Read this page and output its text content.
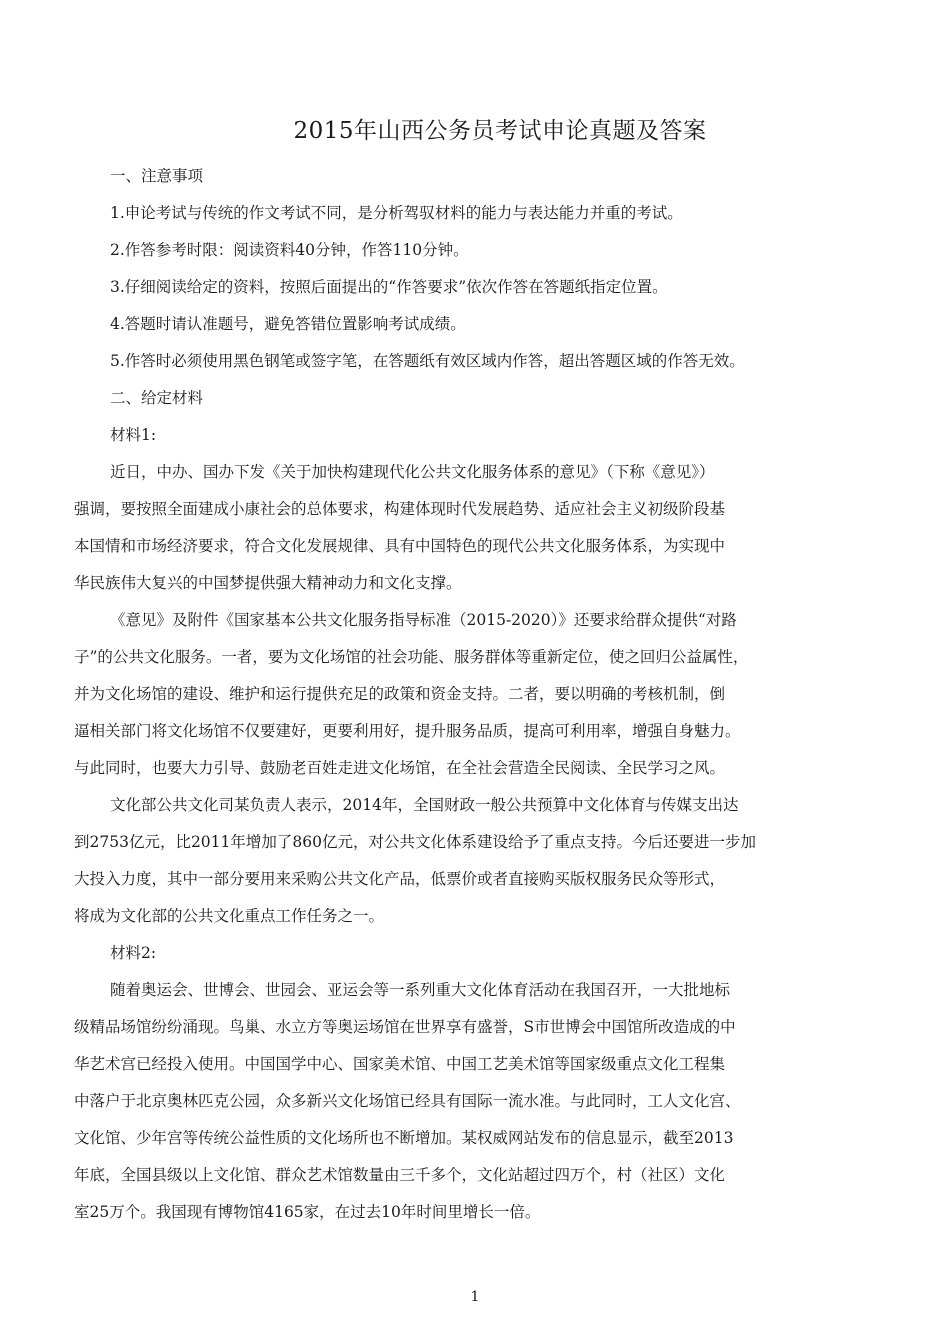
2015年山西公务员考试申论真题及答案
一、注意事项
1.申论考试与传统的作文考试不同，是分析驾驭材料的能力与表达能力并重的考试。
2.作答参考时限：阅读资料40分钟，作答110分钟。
3.仔细阅读给定的资料，按照后面提出的“作答要求”依次作答在答题纸指定位置。
4.答题时请认准题号，避免答错位置影响考试成绩。
5.作答时必须使用黑色钢笔或签字笔，在答题纸有效区域内作答，超出答题区域的作答无效。
二、给定材料
材料1:
近日，中办、国办下发《关于加快构建现代化公共文化服务体系的意见》（下称《意见》）
强调，要按照全面建成小康社会的总体要求，构建体现时代发展趋势、适应社会主义初级阶段基
本国情和市场经济要求，符合文化发展规律、具有中国特色的现代公共文化服务体系，为实现中
华民族伟大复兴的中国梦提供强大精神动力和文化支撑。
《意见》及附件《国家基本公共文化服务指导标准（2015-2020）》还要求给群众提供“对路
子”的公共文化服务。一者，要为文化场馆的社会功能、服务群体等重新定位，使之回归公益属性，
并为文化场馆的建设、维护和运行提供充足的政策和资金支持。二者，要以明确的考核机制，倒
逼相关部门将文化场馆不仅要建好，更要利用好，提升服务品质，提高可利用率，增强自身魅力。
与此同时，也要大力引导、鼓励老百姓走进文化场馆，在全社会营造全民阅读、全民学习之风。
文化部公共文化司某负责人表示，2014年，全国财政一般公共预算中文化体育与传媒支出达
到2753亿元，比2011年增加了860亿元，对公共文化体系建设给予了重点支持。今后还要进一步加
大投入力度，其中一部分要用来采购公共文化产品，低票价或者直接购买版权服务民众等形式，
将成为文化部的公共文化重点工作任务之一。
材料2:
随着奥运会、世博会、世园会、亚运会等一系列重大文化体育活动在我国召开，一大批地标
级精品场馆纷纷涌现。鸟巢、水立方等奥运场馆在世界享有盛誉，S市世博会中国馆所改造成的中
华艺术宫已经投入使用。中国国学中心、国家美术馆、中国工艺美术馆等国家级重点文化工程集
中落户于北京奥林匹克公园，众多新兴文化场馆已经具有国际一流水准。与此同时，工人文化宫、
文化馆、少年宫等传统公益性质的文化场所也不断增加。某权威网站发布的信息显示，截至2013
年底，全国县级以上文化馆、群众艺术馆数量由三千多个，文化站超过四万个，村（社区）文化
室25万个。我国现有博物馆4165家，在过去10年时间里增长一倍。
1
